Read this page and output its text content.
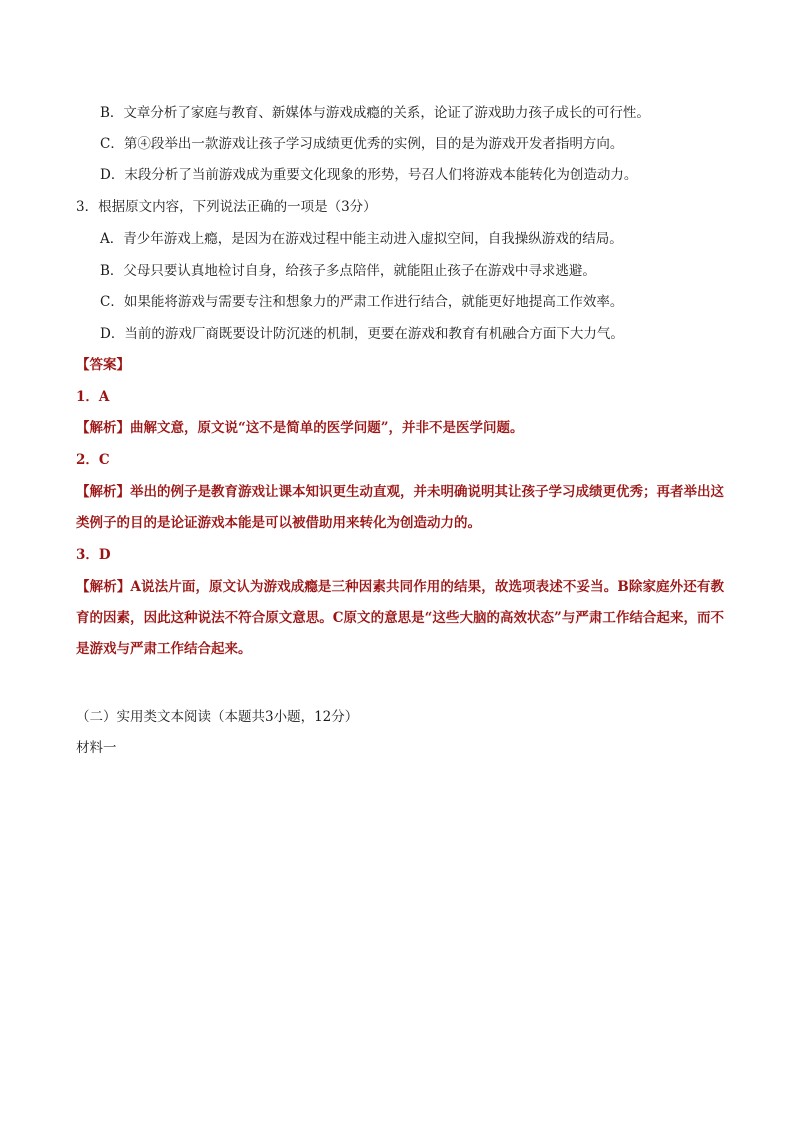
B．文章分析了家庭与教育、新媒体与游戏成瘾的关系，论证了游戏助力孩子成长的可行性。
C．第④段举出一款游戏让孩子学习成绩更优秀的实例，目的是为游戏开发者指明方向。
D．末段分析了当前游戏成为重要文化现象的形势，号召人们将游戏本能转化为创造动力。
3．根据原文内容，下列说法正确的一项是（3分）
A．青少年游戏上瘾，是因为在游戏过程中能主动进入虚拟空间，自我操纵游戏的结局。
B．父母只要认真地检讨自身，给孩子多点陪伴，就能阻止孩子在游戏中寻求逃避。
C．如果能将游戏与需要专注和想象力的严肃工作进行结合，就能更好地提高工作效率。
D．当前的游戏厂商既要设计防沉迷的机制，更要在游戏和教育有机融合方面下大力气。
【答案】
1．A
【解析】曲解文意，原文说“这不是简单的医学问题”，并非不是医学问题。
2．C
【解析】举出的例子是教育游戏让课本知识更生动直观，并未明确说明其让孩子学习成绩更优秀；再者举出这类例子的目的是论证游戏本能是可以被借助用来转化为创造动力的。
3．D
【解析】A说法片面，原文认为游戏成瘾是三种因素共同作用的结果，故选项表述不妥当。B除家庭外还有教育的因素，因此这种说法不符合原文意思。C原文的意思是“这些大脑的高效状态”与严肃工作结合起来，而不是游戏与严肃工作结合起来。
（二）实用类文本阅读（本题共3小题，12分）
材料一
